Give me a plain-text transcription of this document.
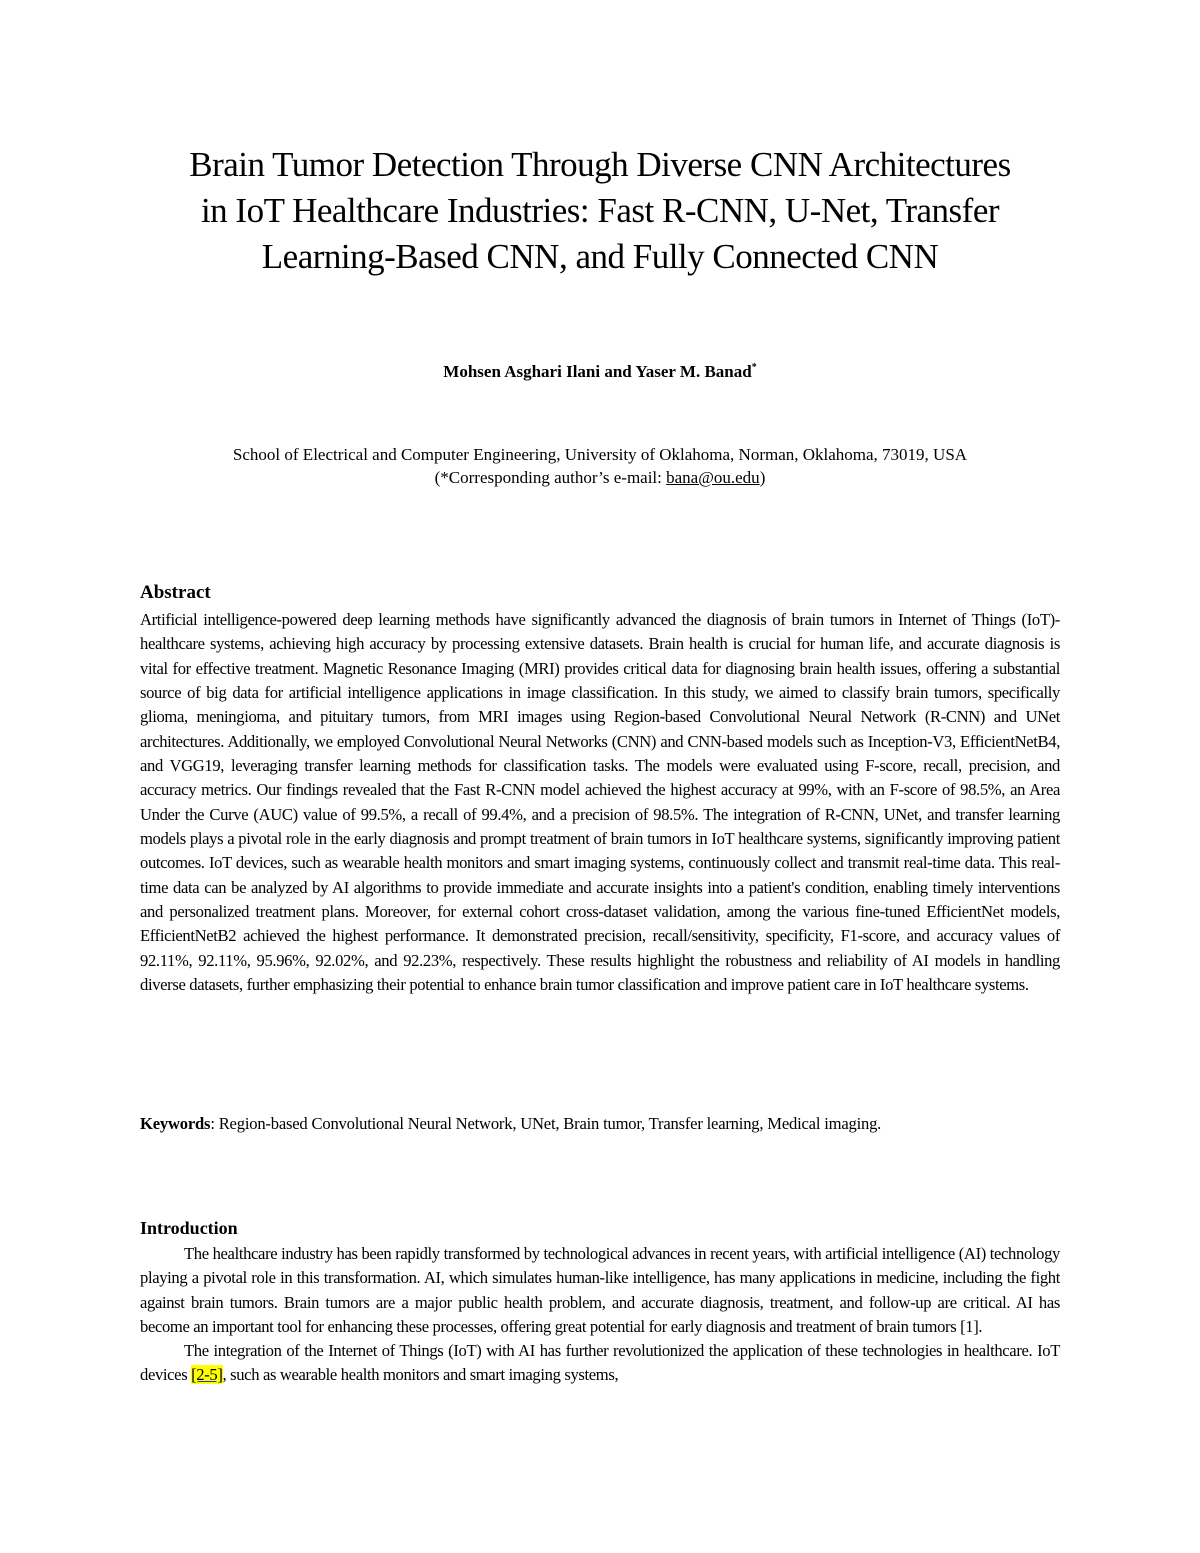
Brain Tumor Detection Through Diverse CNN Architectures
in IoT Healthcare Industries: Fast R-CNN, U-Net, Transfer
Learning-Based CNN, and Fully Connected CNN
Mohsen Asghari Ilani and Yaser M. Banad*
School of Electrical and Computer Engineering, University of Oklahoma, Norman, Oklahoma, 73019, USA
(*Corresponding author’s e-mail: bana@ou.edu)
Abstract
Artificial intelligence-powered deep learning methods have significantly advanced the diagnosis of brain tumors in Internet of Things (IoT)-healthcare systems, achieving high accuracy by processing extensive datasets. Brain health is crucial for human life, and accurate diagnosis is vital for effective treatment. Magnetic Resonance Imaging (MRI) provides critical data for diagnosing brain health issues, offering a substantial source of big data for artificial intelligence applications in image classification. In this study, we aimed to classify brain tumors, specifically glioma, meningioma, and pituitary tumors, from MRI images using Region-based Convolutional Neural Network (R-CNN) and UNet architectures. Additionally, we employed Convolutional Neural Networks (CNN) and CNN-based models such as Inception-V3, EfficientNetB4, and VGG19, leveraging transfer learning methods for classification tasks. The models were evaluated using F-score, recall, precision, and accuracy metrics. Our findings revealed that the Fast R-CNN model achieved the highest accuracy at 99%, with an F-score of 98.5%, an Area Under the Curve (AUC) value of 99.5%, a recall of 99.4%, and a precision of 98.5%. The integration of R-CNN, UNet, and transfer learning models plays a pivotal role in the early diagnosis and prompt treatment of brain tumors in IoT healthcare systems, significantly improving patient outcomes. IoT devices, such as wearable health monitors and smart imaging systems, continuously collect and transmit real-time data. This real-time data can be analyzed by AI algorithms to provide immediate and accurate insights into a patient's condition, enabling timely interventions and personalized treatment plans. Moreover, for external cohort cross-dataset validation, among the various fine-tuned EfficientNet models, EfficientNetB2 achieved the highest performance. It demonstrated precision, recall/sensitivity, specificity, F1-score, and accuracy values of 92.11%, 92.11%, 95.96%, 92.02%, and 92.23%, respectively. These results highlight the robustness and reliability of AI models in handling diverse datasets, further emphasizing their potential to enhance brain tumor classification and improve patient care in IoT healthcare systems.
Keywords: Region-based Convolutional Neural Network, UNet, Brain tumor, Transfer learning, Medical imaging.
Introduction

The healthcare industry has been rapidly transformed by technological advances in recent years, with artificial intelligence (AI) technology playing a pivotal role in this transformation. AI, which simulates human-like intelligence, has many applications in medicine, including the fight against brain tumors. Brain tumors are a major public health problem, and accurate diagnosis, treatment, and follow-up are critical. AI has become an important tool for enhancing these processes, offering great potential for early diagnosis and treatment of brain tumors [1].

The integration of the Internet of Things (IoT) with AI has further revolutionized the application of these technologies in healthcare. IoT devices [2-5], such as wearable health monitors and smart imaging systems,
